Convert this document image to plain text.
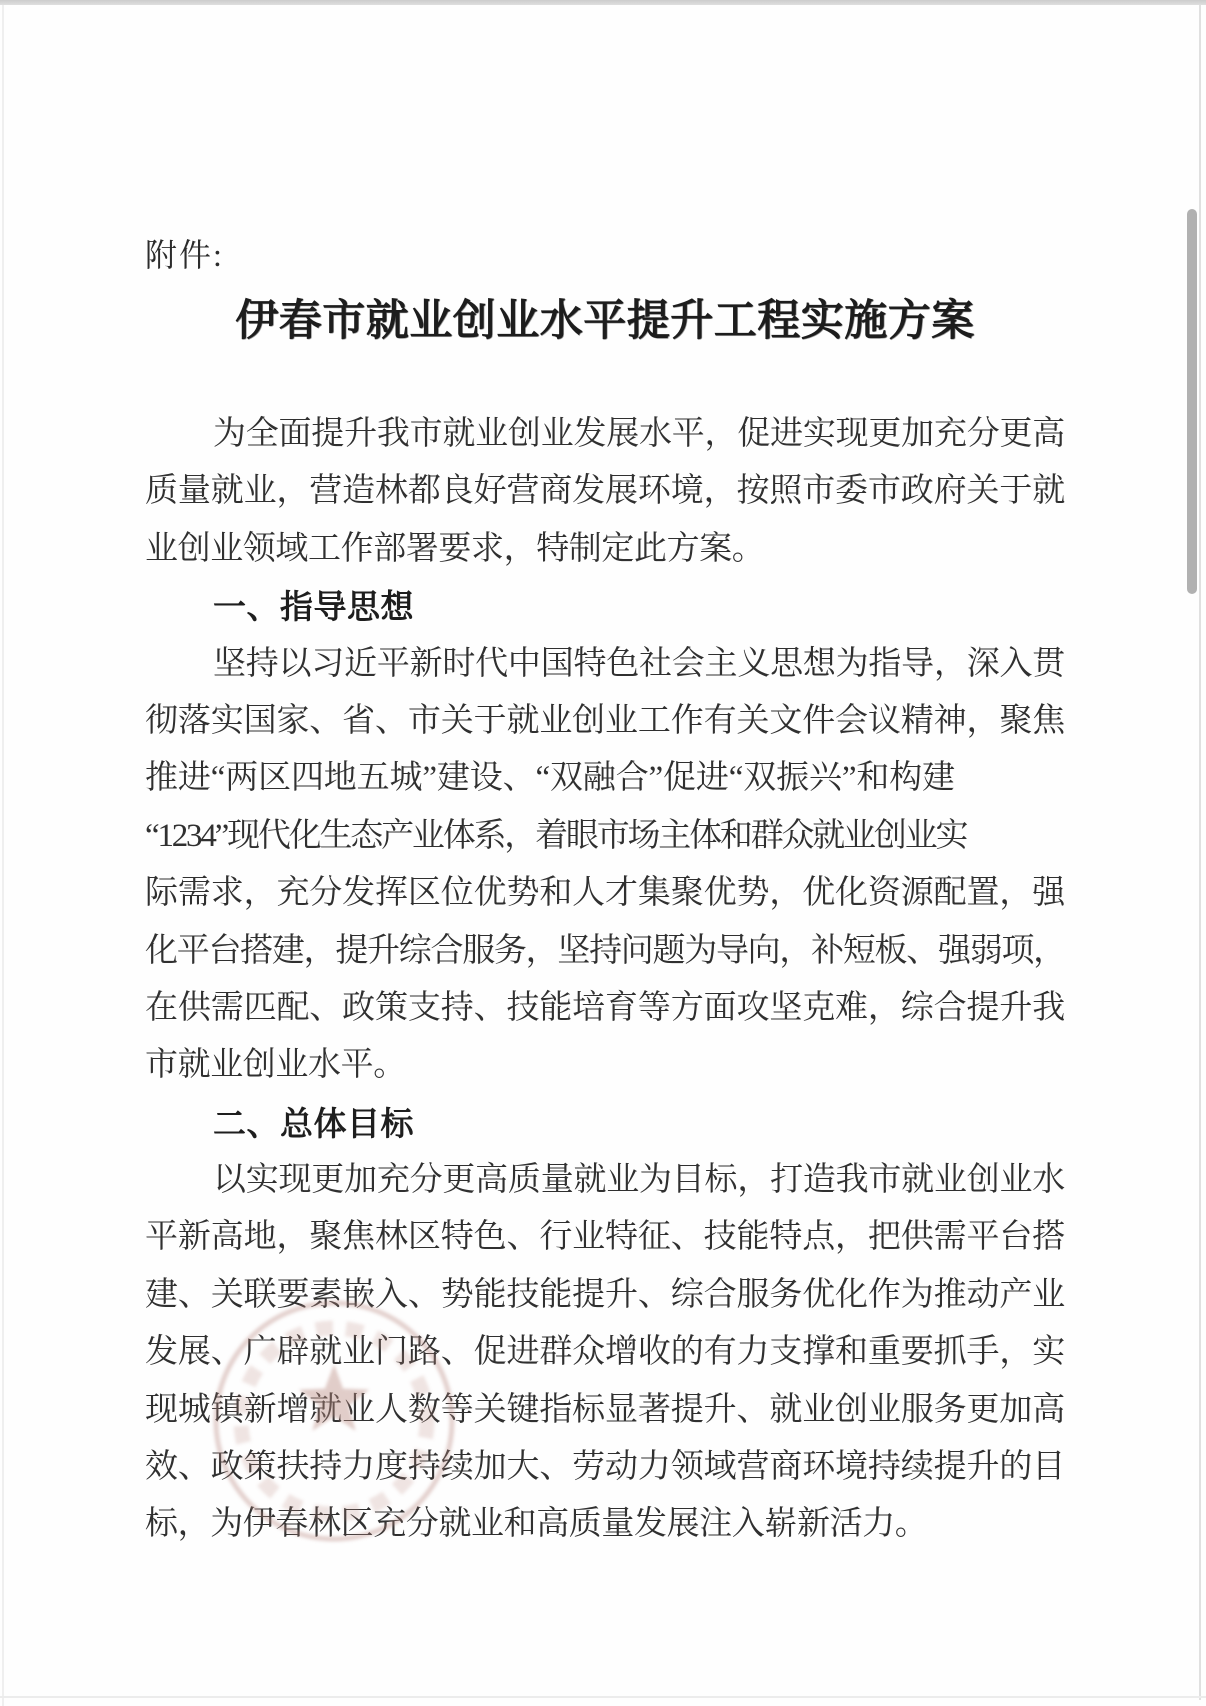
附件:
伊春市就业创业水平提升工程实施方案
为全面提升我市就业创业发展水平，促进实现更加充分更高
质量就业，营造林都良好营商发展环境，按照市委市政府关于就
业创业领域工作部署要求，特制定此方案。
一、指导思想
坚持以习近平新时代中国特色社会主义思想为指导，深入贯
彻落实国家、省、市关于就业创业工作有关文件会议精神，聚焦
推进“两区四地五城”建设、“双融合”促进“双振兴”和构建
“1234”现代化生态产业体系，着眼市场主体和群众就业创业实
际需求，充分发挥区位优势和人才集聚优势，优化资源配置，强
化平台搭建，提升综合服务，坚持问题为导向，补短板、强弱项，
在供需匹配、政策支持、技能培育等方面攻坚克难，综合提升我
市就业创业水平。
二、总体目标
以实现更加充分更高质量就业为目标，打造我市就业创业水
平新高地，聚焦林区特色、行业特征、技能特点，把供需平台搭
建、关联要素嵌入、势能技能提升、综合服务优化作为推动产业
发展、广辟就业门路、促进群众增收的有力支撑和重要抓手，实
现城镇新增就业人数等关键指标显著提升、就业创业服务更加高
效、政策扶持力度持续加大、劳动力领域营商环境持续提升的目
标，为伊春林区充分就业和高质量发展注入崭新活力。
